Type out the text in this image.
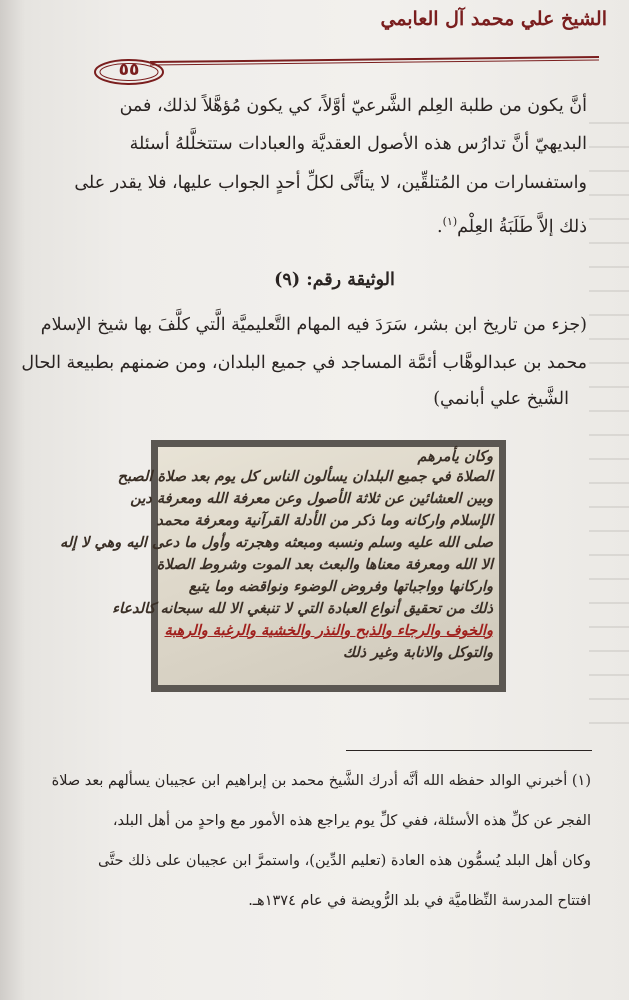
الشيخ علي محمد آل العابمي
٥٥
أنَّ يكون من طلبة العِلم الشَّرعيّ أوَّلاً، كي يكون مُؤهَّلاً لذلك، فمن
البديهيّ أنَّ تدارُس هذه الأصول العقديَّة والعبادات ستتخلَّلهُ أسئلة
واستفسارات من المُتلقِّين، لا يتأتَّى لكلِّ أحدٍ الجواب عليها، فلا يقدر على
ذلك إلاَّ طَلَبَةُ العِلْم$^{(١)}$.
الوثيقة رقم: (٩)
(جزء من تاريخ ابن بشر، سَرَدَ فيه المهام التَّعليميَّة الَّتي كلَّفَ بها شيخ الإسلام
محمد بن عبدالوهَّاب أئمَّة المساجد في جميع البلدان، ومن ضمنهم بطبيعة الحال
الشَّيخ علي أبانمي)
وكان يأمرهم
الصلاة في جميع البلدان يسألون الناس كل يوم بعد صلاة الصبح
وبين العشائين عن ثلاثة الأصول وعن معرفة الله ومعرفة دين
الإسلام واركانه وما ذكر من الأدلة القرآنية ومعرفة محمد
صلى الله عليه وسلم ونسبه ومبعثه وهجرته وأول ما دعى اليه وهي لا إله
الا الله ومعرفة معناها والبعث بعد الموت وشروط الصلاة
واركانها وواجباتها وفروض الوضوء ونواقضه وما يتبع
ذلك من تحقيق أنواع العبادة التي لا تنبغي الا لله سبحانه كالدعاء
والخوف والرجاء والذبح والنذر والخشية والرغبة والرهبة
والتوكل والانابة وغير ذلك
(١) أخبرني الوالد حفظه الله أنَّه أدرك الشَّيخ محمد بن إبراهيم ابن عجيبان يسألهم بعد صلاة
الفجر عن كلِّ هذه الأسئلة، ففي كلِّ يوم يراجع هذه الأمور مع واحدٍ من أهل البلد،
وكان أهل البلد يُسمُّون هذه العادة (تعليم الدِّين)، واستمرَّ ابن عجيبان على ذلك حتَّى
افتتاح المدرسة النِّظاميَّة في بلد الرُّويضة في عام ١٣٧٤هـ.
